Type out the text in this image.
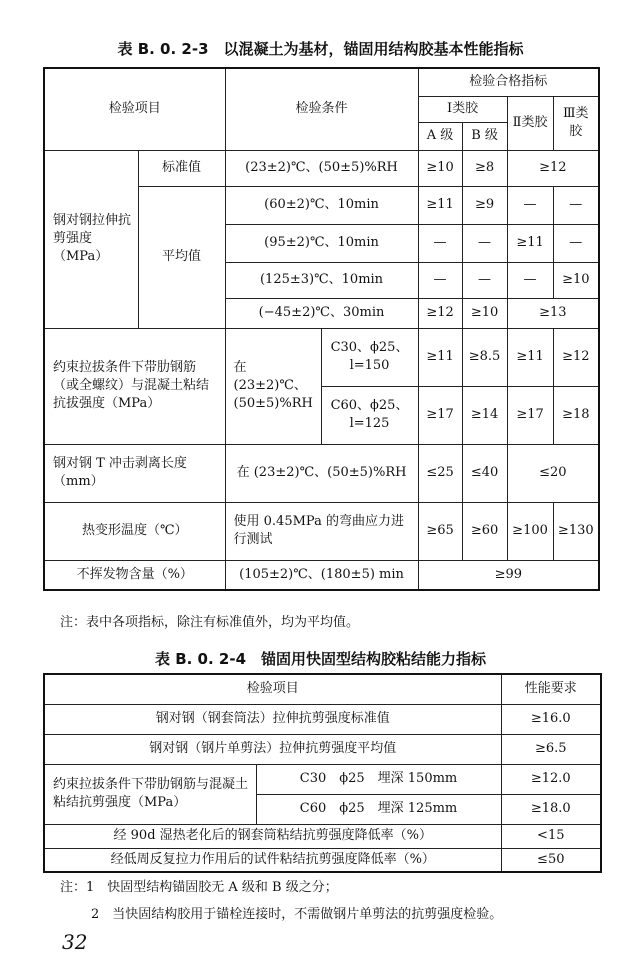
表 B. 0. 2-3　以混凝土为基材，锚固用结构胶基本性能指标
检验项目		检验条件		检验合格指标			
				Ⅰ类胶		Ⅱ类胶	Ⅲ类胶
				A 级	B 级		
钢对钢拉伸抗剪强度（MPa）	标准值	(23±2)℃、(50±5)%RH		≥10	≥8	≥12	
	平均值	(60±2)℃、10min		≥11	≥9	—	—
		(95±2)℃、10min		—	—	≥11	—
		(125±3)℃、10min		—	—	—	≥10
		(−45±2)℃、30min		≥12	≥10	≥13	
约束拉拔条件下带肋钢筋（或全螺纹）与混凝土粘结抗拔强度（MPa）		在 (23±2)℃、(50±5)%RH	C30、ϕ25、l=150	≥11	≥8.5	≥11	≥12
			C60、ϕ25、l=125	≥17	≥14	≥17	≥18
钢对钢 T 冲击剥离长度（mm）		在 (23±2)℃、(50±5)%RH		≤25	≤40	≤20	
热变形温度（℃）		使用 0.45MPa 的弯曲应力进行测试		≥65	≥60	≥100	≥130
不挥发物含量（%）		(105±2)℃、(180±5) min		≥99			
注：表中各项指标，除注有标准值外，均为平均值。
表 B. 0. 2-4　锚固用快固型结构胶粘结能力指标
检验项目		性能要求
钢对钢（钢套筒法）拉伸抗剪强度标准值		≥16.0
钢对钢（钢片单剪法）拉伸抗剪强度平均值		≥6.5
约束拉拔条件下带肋钢筋与混凝土粘结抗剪强度（MPa）	C30　ϕ25　埋深 150mm	≥12.0
	C60　ϕ25　埋深 125mm	≥18.0
经 90d 湿热老化后的钢套筒粘结抗剪强度降低率（%）		<15
经低周反复拉力作用后的试件粘结抗剪强度降低率（%）		≤50
注：1　快固型结构锚固胶无 A 级和 B 级之分；
2　当快固结构胶用于锚栓连接时，不需做钢片单剪法的抗剪强度检验。
32
